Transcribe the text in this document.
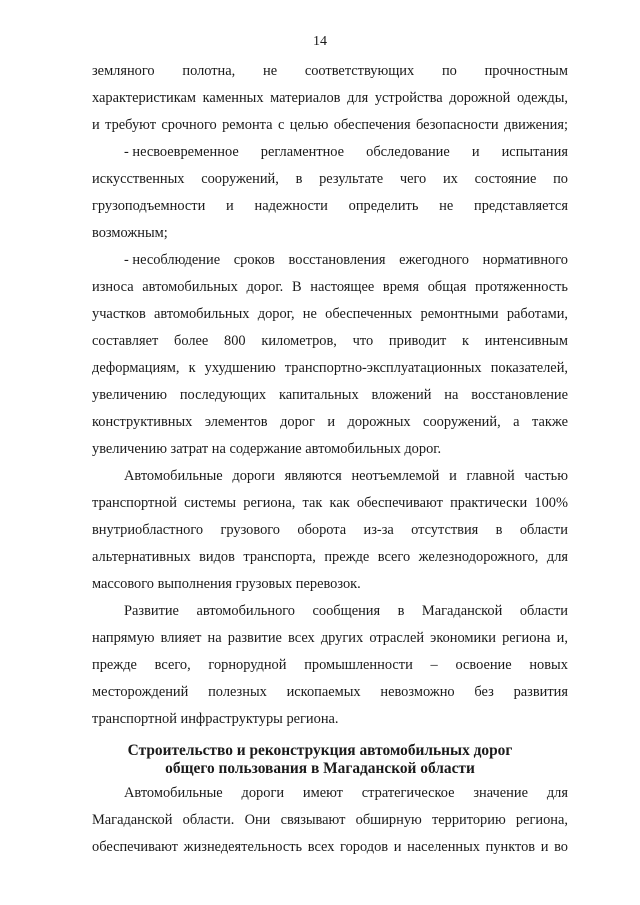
14
земляного полотна, не соответствующих по прочностным
характеристикам каменных материалов для устройства дорожной одежды,
и требуют срочного ремонта с целью обеспечения безопасности движения;
- несвоевременное регламентное обследование и испытания
искусственных сооружений, в результате чего их состояние по
грузоподъемности и надежности определить не представляется
возможным;
- несоблюдение сроков восстановления ежегодного нормативного
износа автомобильных дорог. В настоящее время общая протяженность
участков автомобильных дорог, не обеспеченных ремонтными работами,
составляет более 800 километров, что приводит к интенсивным
деформациям, к ухудшению транспортно-эксплуатационных показателей,
увеличению последующих капитальных вложений на восстановление
конструктивных элементов дорог и дорожных сооружений, а также
увеличению затрат на содержание автомобильных дорог.
Автомобильные дороги являются неотъемлемой и главной частью
транспортной системы региона, так как обеспечивают практически 100%
внутриобластного грузового оборота из-за отсутствия в области
альтернативных видов транспорта, прежде всего железнодорожного, для
массового выполнения грузовых перевозок.
Развитие автомобильного сообщения в Магаданской области
напрямую влияет на развитие всех других отраслей экономики региона и,
прежде всего, горнорудной промышленности – освоение новых
месторождений полезных ископаемых невозможно без развития
транспортной инфраструктуры региона.
Автомобильные дороги имеют стратегическое значение для
Магаданской области. Они связывают обширную территорию региона,
обеспечивают жизнедеятельность всех городов и населенных пунктов и во
Строительство и реконструкция автомобильных дорог
общего пользования в Магаданской области
